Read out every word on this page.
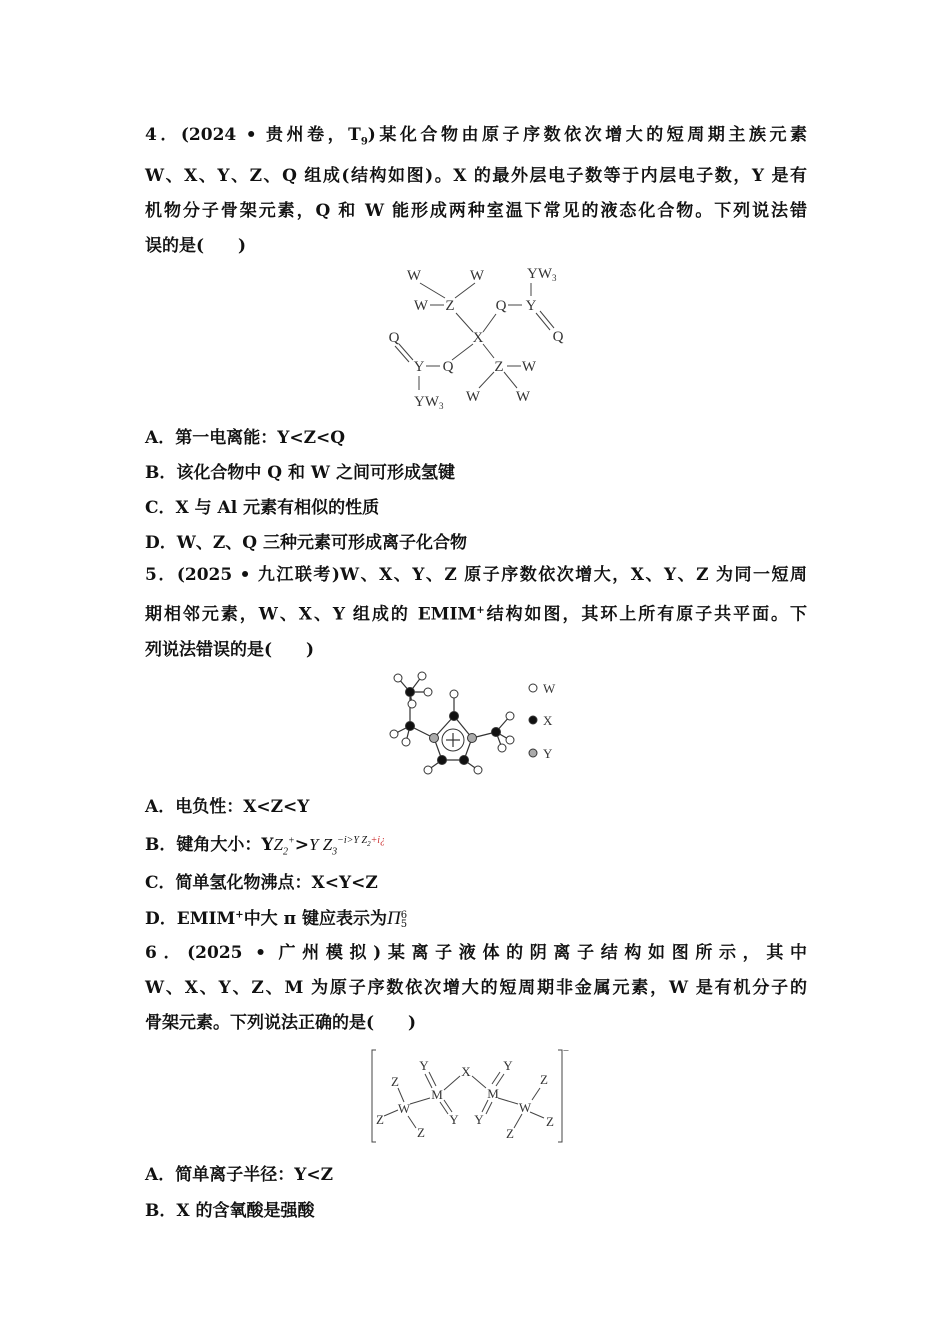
4．(2024 • 贵州卷，$T_9$)某化合物由原子序数依次增大的短周期主族元素
W、X、Y、Z、Q 组成(结构如图)。X 的最外层电子数等于内层电子数，Y 是有
机物分子骨架元素，Q 和 W 能形成两种室温下常见的液态化合物。下列说法错
误的是(　　)
W	W
W Z	Q Y
$YW_3$
Q
X
Q
Y Q	Z W
$YW_3$
W W
A．第一电离能：Y<Z<Q
B．该化合物中 Q 和 W 之间可形成氢键
C．X 与 Al 元素有相似的性质
D．W、Z、Q 三种元素可形成离子化合物
5．(2025 • 九江联考)W、X、Y、Z 原子序数依次增大，X、Y、Z 为同一短周
期相邻元素，W、X、Y 组成的 EMIM+结构如图，其环上所有原子共平面。下
列说法错误的是(　　)
W
X
Y
A．电负性：X<Z<Y
B．键角大小：$YZ_2^+>Y$ $Z_3^{-i>Y Z_2+i¿}$
C．简单氢化物沸点：X<Y<Z
D．EMIM+中大 π 键应表示为Π 6
5
6．(2025 • 广州模拟)某离子液体的阴离子结构如图所示，其中
W、X、Y、Z、M 为原子序数依次增大的短周期非金属元素，W 是有机分子的
骨架元素。下列说法正确的是(　　)
Z
Z
W
Z
Y
M
Y
X	Y
M
Y
W
Z
Z
Z
−
A．简单离子半径：Y<Z
B．X 的含氧酸是强酸
